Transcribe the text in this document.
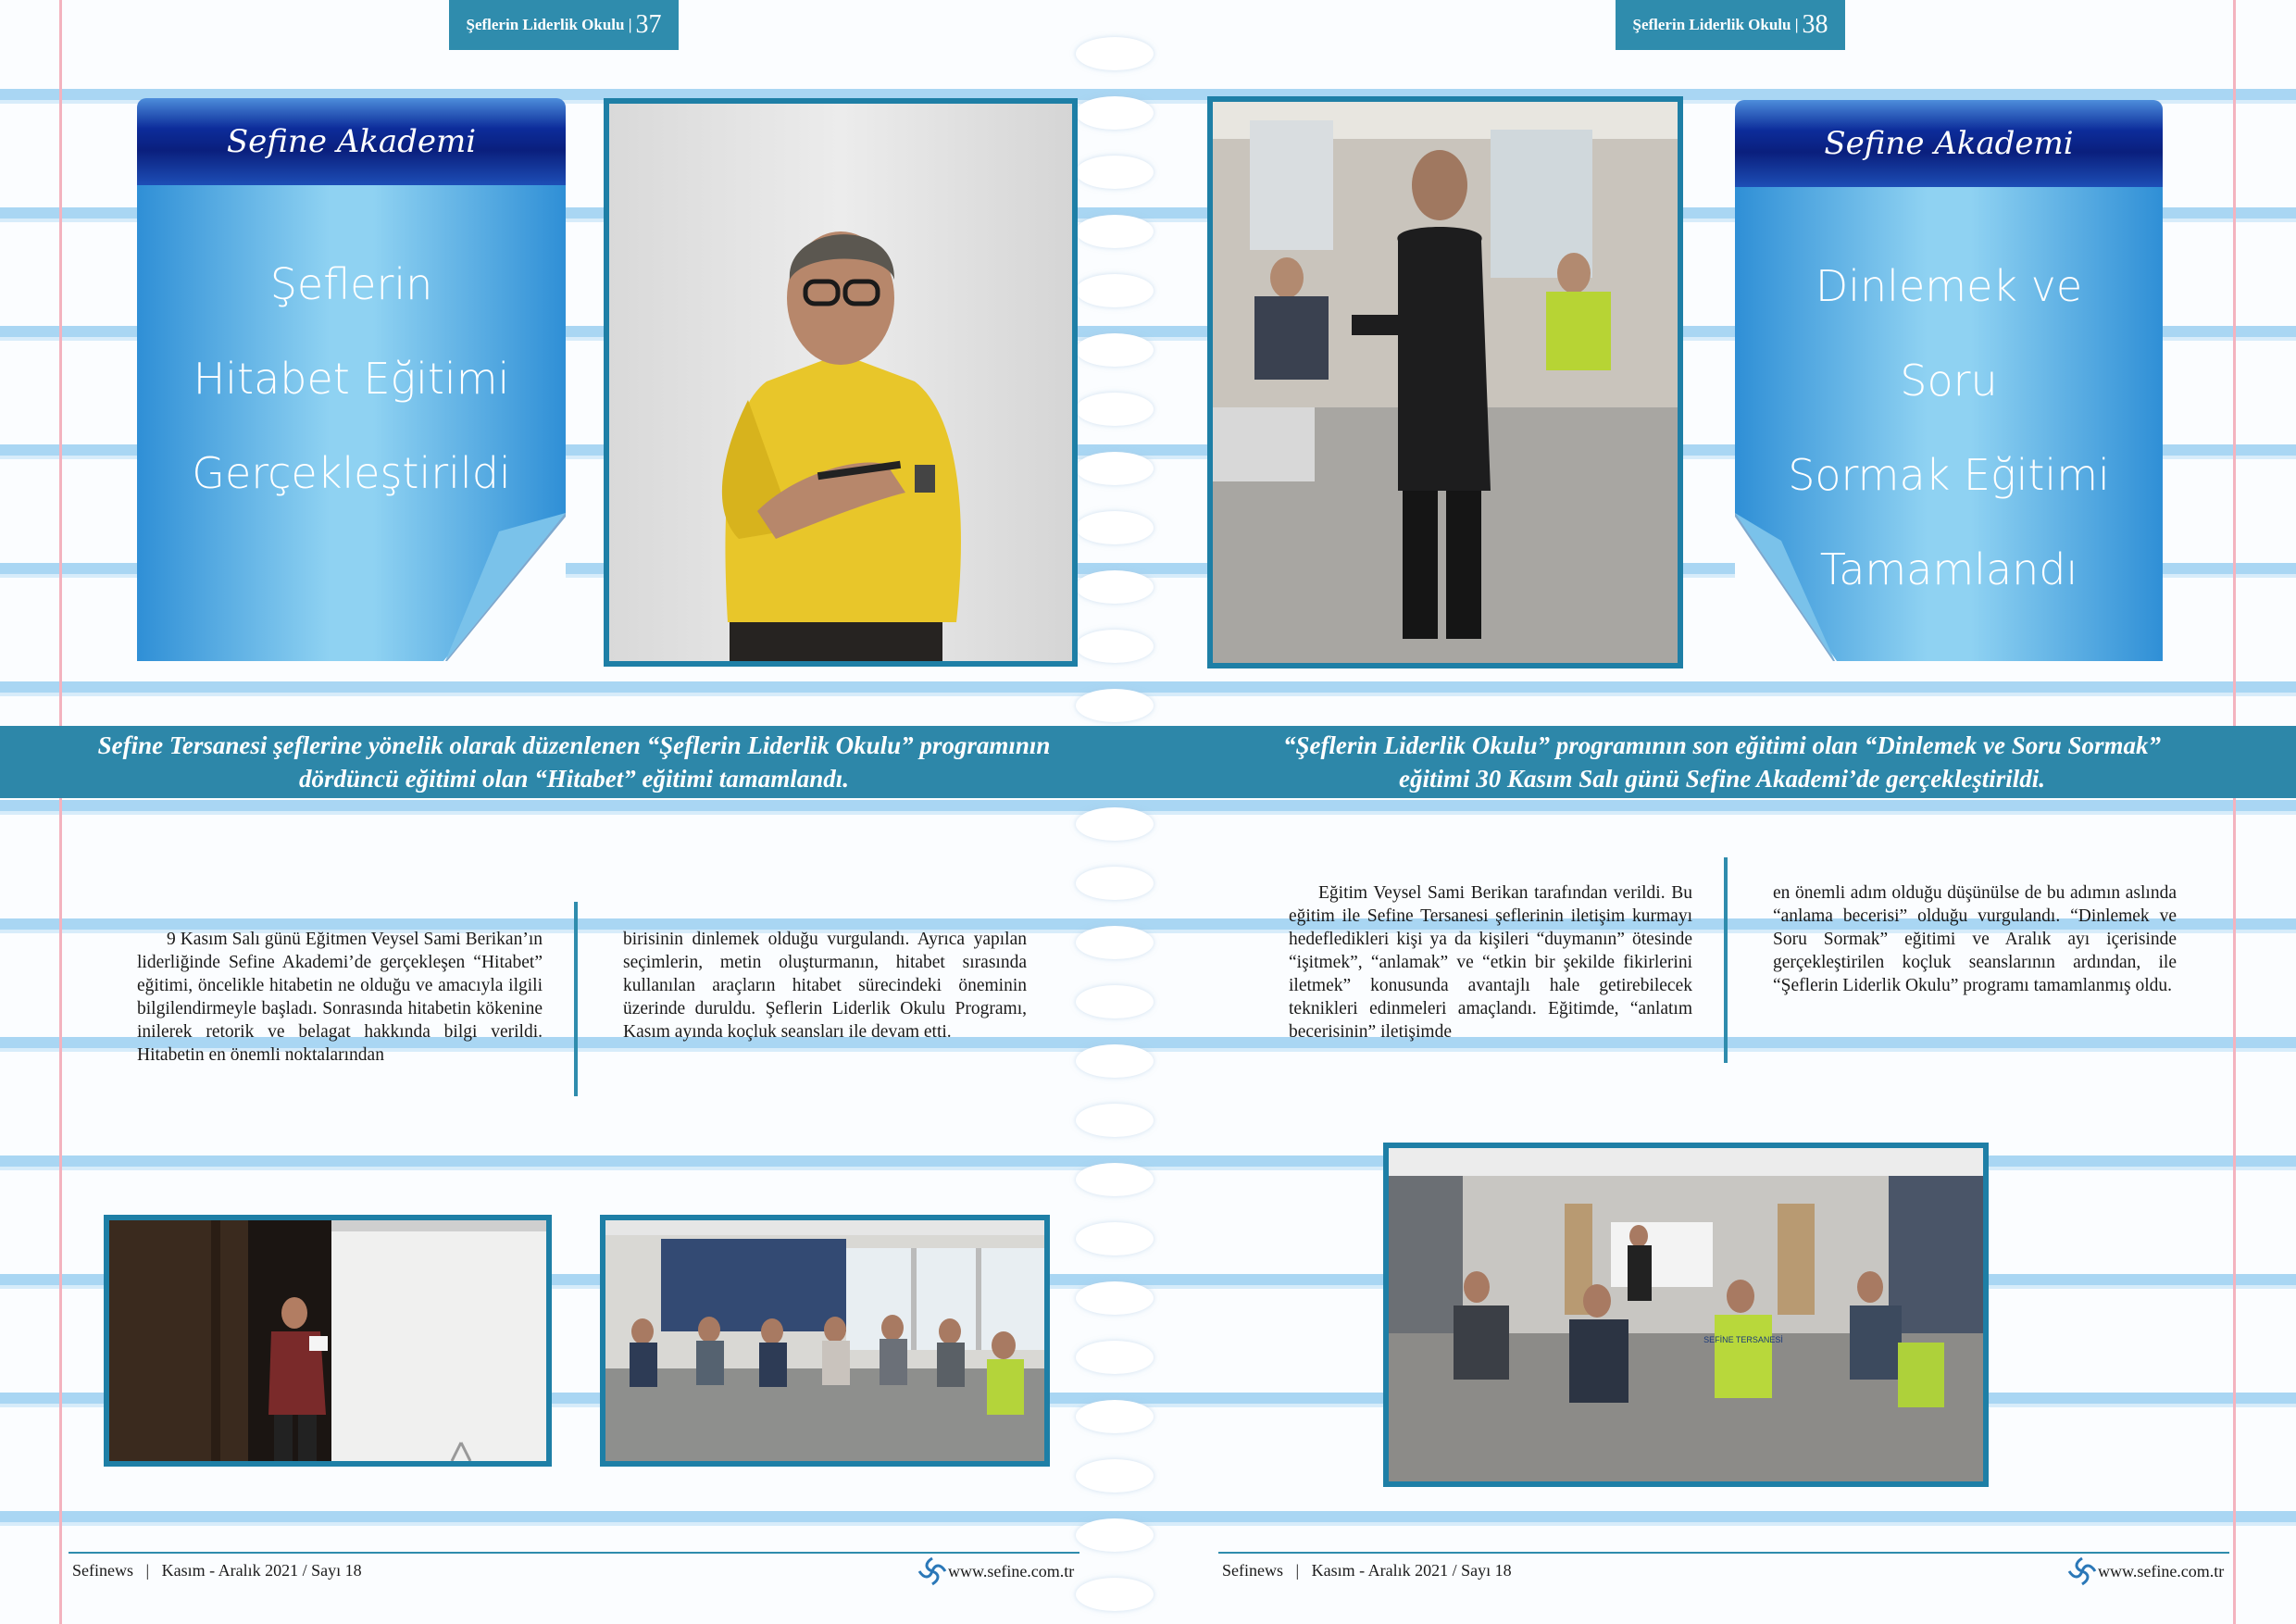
Şeflerin Liderlik Okulu | 37
Sefine Akademi
Şeflerin
Hitabet Eğitimi
Gerçekleştirildi
Sefine Tersanesi şeflerine yönelik olarak düzenlenen “Şeflerin Liderlik Okulu” programının
dördüncü eğitimi olan “Hitabet” eğitimi tamamlandı.
9 Kasım Salı günü Eğitmen Veysel Sami Berikan’ın liderliğinde Sefine Akademi’de gerçekleşen “Hitabet” eğitimi, öncelikle hitabetin ne olduğu ve amacıyla ilgili bilgilendirmeyle başladı. Sonrasında hitabetin kökenine inilerek retorik ve belagat hakkında bilgi verildi. Hitabetin en önemli noktalarından
birisinin dinlemek olduğu vurgulandı. Ayrıca yapılan seçimlerin, metin oluşturmanın, hitabet sırasında kullanılan araçların hitabet sürecindeki öneminin üzerinde duruldu. Şeflerin Liderlik Okulu Programı, Kasım ayında koçluk seansları ile devam etti.
Sefinews   |   Kasım - Aralık 2021 / Sayı 18	www.sefine.com.tr
Şeflerin Liderlik Okulu | 38
Sefine Akademi
Dinlemek ve Soru
Sormak Eğitimi
Tamamlandı
“Şeflerin Liderlik Okulu” programının son eğitimi olan “Dinlemek ve Soru Sormak”
eğitimi 30 Kasım Salı günü Sefine Akademi’de gerçekleştirildi.
Eğitim Veysel Sami Berikan tarafından verildi. Bu eğitim ile Sefine Tersanesi şeflerinin iletişim kurmayı hedefledikleri kişi ya da kişileri “duymanın” ötesinde “işitmek”, “anlamak” ve “etkin bir şekilde fikirlerini iletmek” konusunda avantajlı hale getirebilecek teknikleri edinmeleri amaçlandı. Eğitimde, “anlatım becerisinin” iletişimde
en önemli adım olduğu düşünülse de bu adımın aslında “anlama becerisi” olduğu vurgulandı. “Dinlemek ve Soru Sormak” eğitimi ve Aralık ayı içerisinde gerçekleştirilen koçluk seanslarının ardından, ile “Şeflerin Liderlik Okulu” programı tamamlanmış oldu.
SEFİNE TERSANESİ
Sefinews   |   Kasım - Aralık 2021 / Sayı 18	www.sefine.com.tr
